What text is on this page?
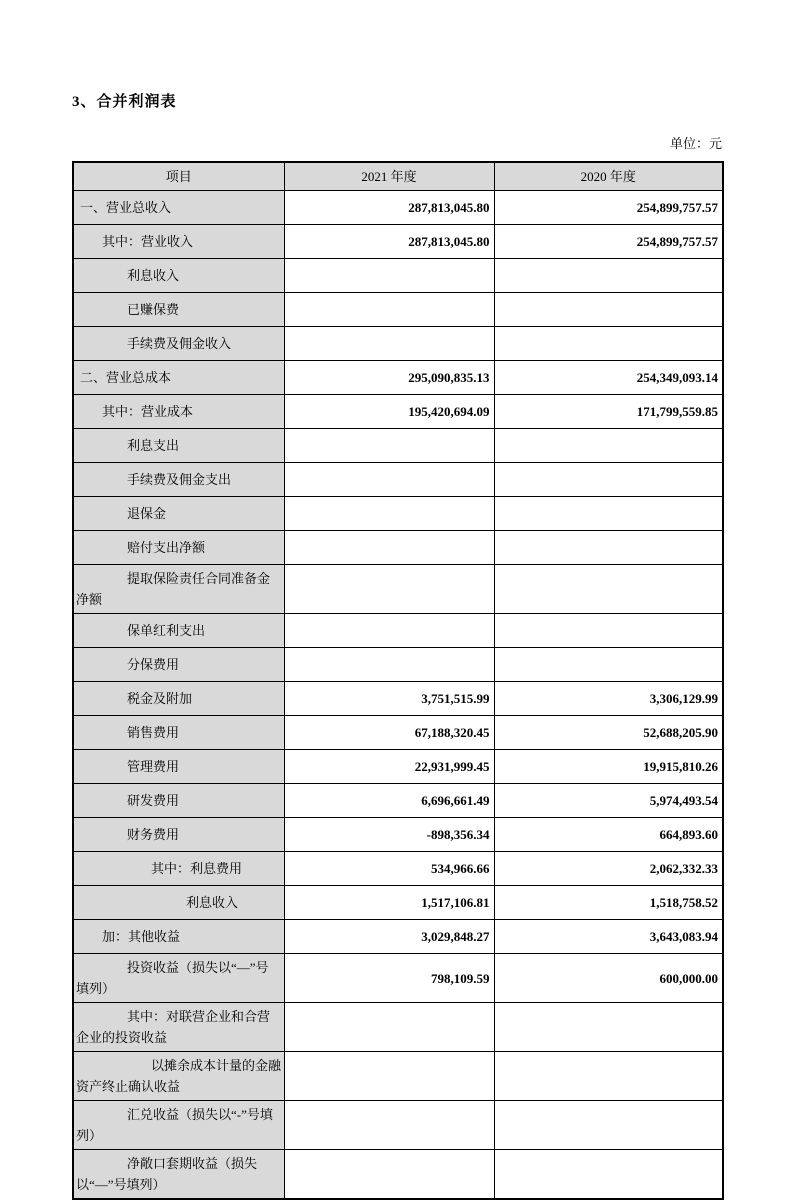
3、合并利润表
单位：元
项目	2021 年度	2020 年度
一、营业总收入	287,813,045.80	254,899,757.57
其中：营业收入	287,813,045.80	254,899,757.57
利息收入		
已赚保费		
手续费及佣金收入		
二、营业总成本	295,090,835.13	254,349,093.14
其中：营业成本	195,420,694.09	171,799,559.85
利息支出		
手续费及佣金支出		
退保金		
赔付支出净额		
提取保险责任合同准备金净额		
保单红利支出		
分保费用		
税金及附加	3,751,515.99	3,306,129.99
销售费用	67,188,320.45	52,688,205.90
管理费用	22,931,999.45	19,915,810.26
研发费用	6,696,661.49	5,974,493.54
财务费用	-898,356.34	664,893.60
其中：利息费用	534,966.66	2,062,332.33
利息收入	1,517,106.81	1,518,758.52
加：其他收益	3,029,848.27	3,643,083.94
投资收益（损失以“—”号填列）	798,109.59	600,000.00
其中：对联营企业和合营企业的投资收益		
以摊余成本计量的金融资产终止确认收益		
汇兑收益（损失以“-”号填列）		
净敞口套期收益（损失以“—”号填列）		
